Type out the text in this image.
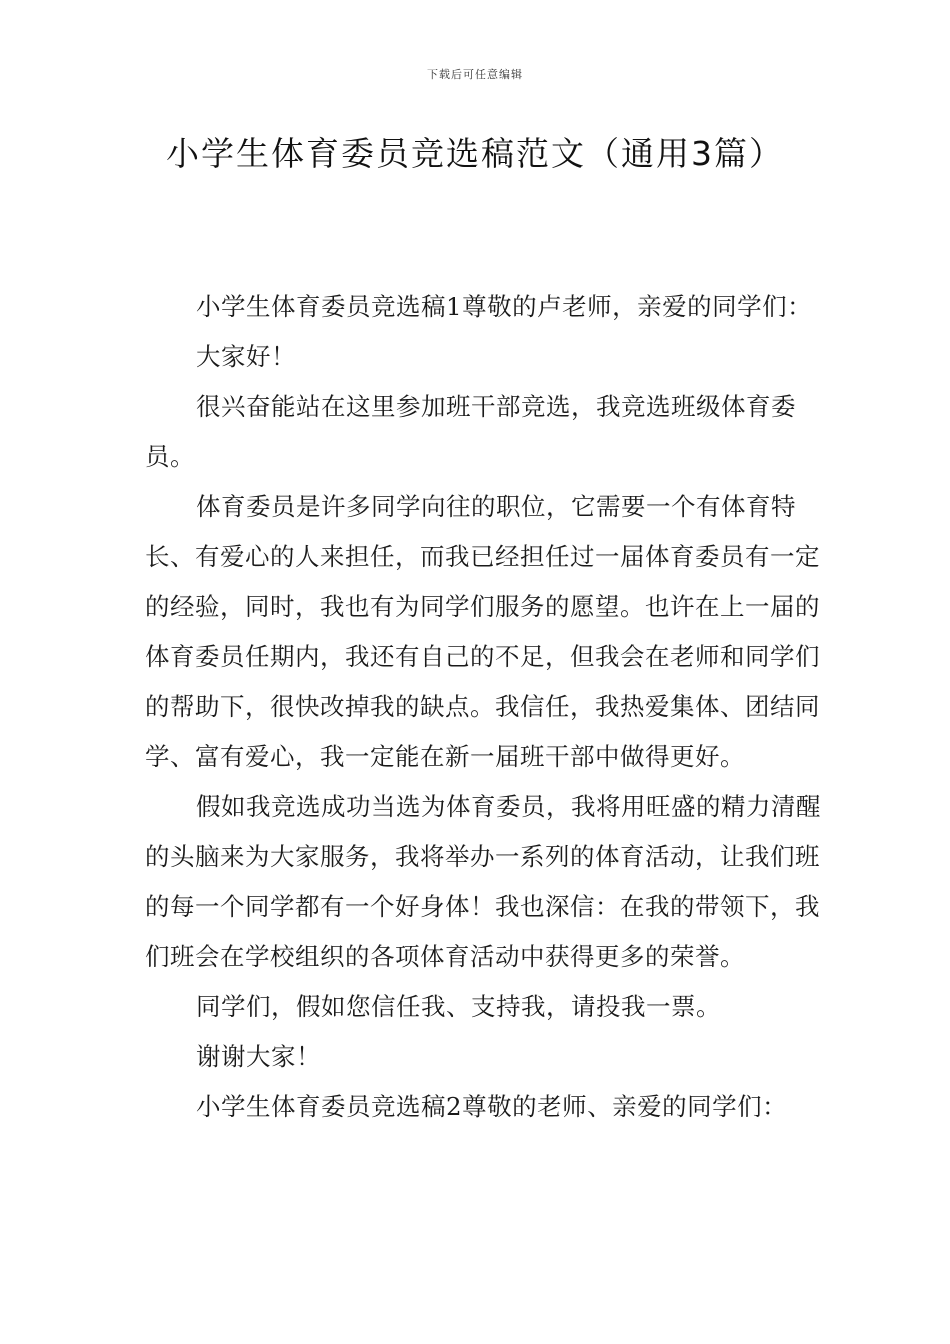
下载后可任意编辑
小学生体育委员竞选稿范文（通用3篇）

小学生体育委员竞选稿1尊敬的卢老师，亲爱的同学们：

大家好！

很兴奋能站在这里参加班干部竞选，我竞选班级体育委员。

体育委员是许多同学向往的职位，它需要一个有体育特长、有爱心的人来担任，而我已经担任过一届体育委员有一定的经验，同时，我也有为同学们服务的愿望。也许在上一届的体育委员任期内，我还有自己的不足，但我会在老师和同学们的帮助下，很快改掉我的缺点。我信任，我热爱集体、团结同学、富有爱心，我一定能在新一届班干部中做得更好。

假如我竞选成功当选为体育委员，我将用旺盛的精力清醒的头脑来为大家服务，我将举办一系列的体育活动，让我们班的每一个同学都有一个好身体！我也深信：在我的带领下，我们班会在学校组织的各项体育活动中获得更多的荣誉。

同学们，假如您信任我、支持我，请投我一票。

谢谢大家！

小学生体育委员竞选稿2尊敬的老师、亲爱的同学们：
